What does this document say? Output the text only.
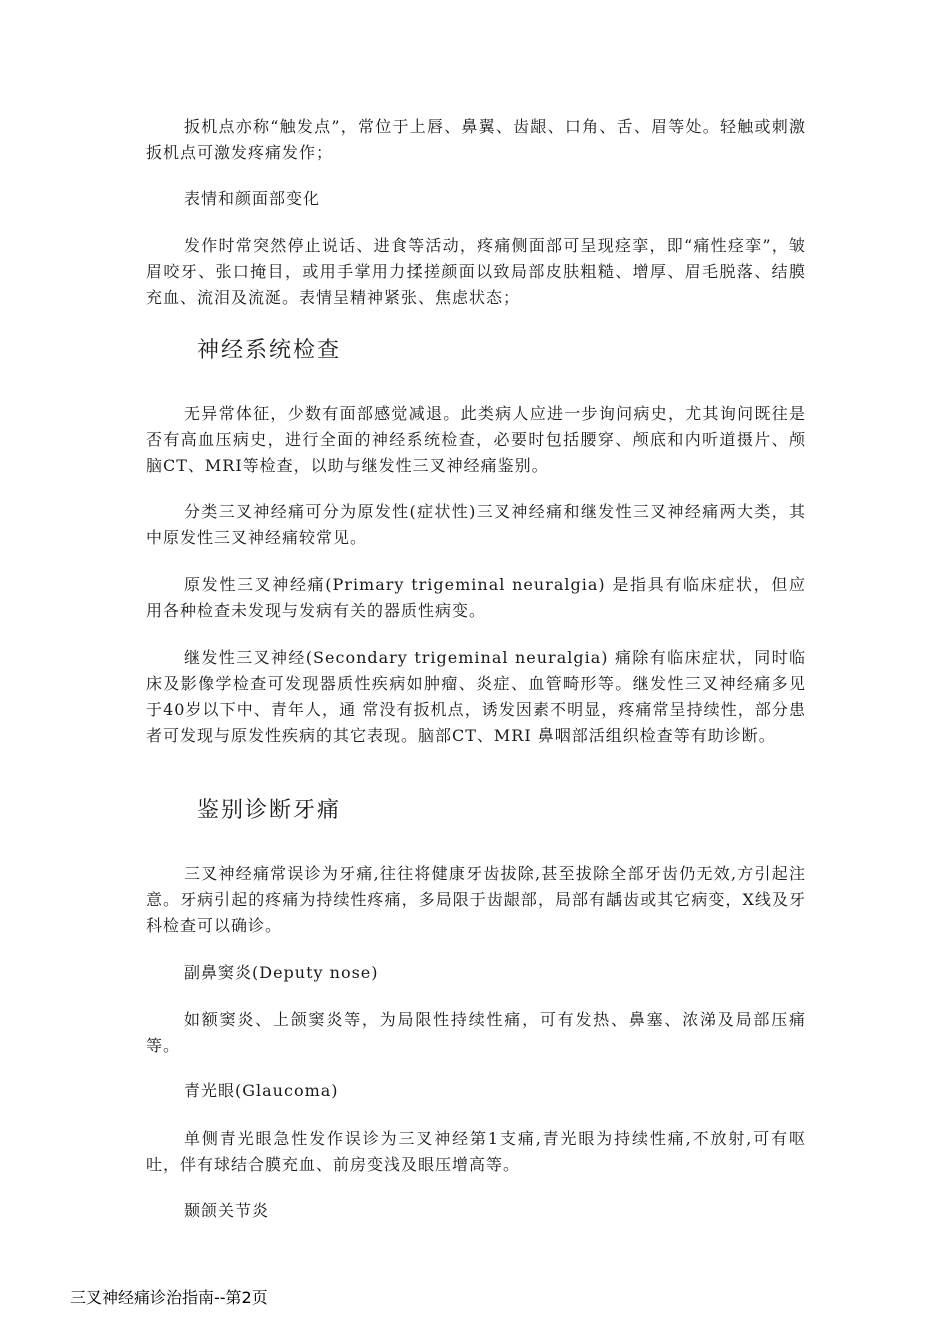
扳机点亦称“触发点”，常位于上唇、鼻翼、齿龈、口角、舌、眉等处。轻触或刺激扳机点可激发疼痛发作；

表情和颜面部变化

发作时常突然停止说话、进食等活动，疼痛侧面部可呈现痉挛，即“痛性痉挛”，皱眉咬牙、张口掩目，或用手掌用力揉搓颜面以致局部皮肤粗糙、增厚、眉毛脱落、结膜充血、流泪及流涎。表情呈精神紧张、焦虑状态；

神经系统检查

无异常体征，少数有面部感觉减退。此类病人应进一步询问病史，尤其询问既往是否有高血压病史，进行全面的神经系统检查，必要时包括腰穿、颅底和内听道摄片、颅脑CT、MRI等检查，以助与继发性三叉神经痛鉴别。

分类三叉神经痛可分为原发性(症状性)三叉神经痛和继发性三叉神经痛两大类，其中原发性三叉神经痛较常见。

原发性三叉神经痛(Primary trigeminal neuralgia) 是指具有临床症状，但应用各种检查未发现与发病有关的器质性病变。

继发性三叉神经(Secondary trigeminal neuralgia) 痛除有临床症状，同时临床及影像学检查可发现器质性疾病如肿瘤、炎症、血管畸形等。继发性三叉神经痛多见于40岁以下中、青年人，通 常没有扳机点，诱发因素不明显，疼痛常呈持续性，部分患者可发现与原发性疾病的其它表现。脑部CT、MRI 鼻咽部活组织检查等有助诊断。

鉴别诊断牙痛

三叉神经痛常误诊为牙痛,往往将健康牙齿拔除,甚至拔除全部牙齿仍无效,方引起注意。牙病引起的疼痛为持续性疼痛，多局限于齿龈部，局部有龋齿或其它病变，X线及牙科检查可以确诊。

副鼻窦炎(Deputy nose)

如额窦炎、上颌窦炎等，为局限性持续性痛，可有发热、鼻塞、浓涕及局部压痛等。

青光眼(Glaucoma)

单侧青光眼急性发作误诊为三叉神经第1支痛,青光眼为持续性痛,不放射,可有呕吐，伴有球结合膜充血、前房变浅及眼压增高等。

颞颌关节炎

三叉神经痛诊治指南--第2页
